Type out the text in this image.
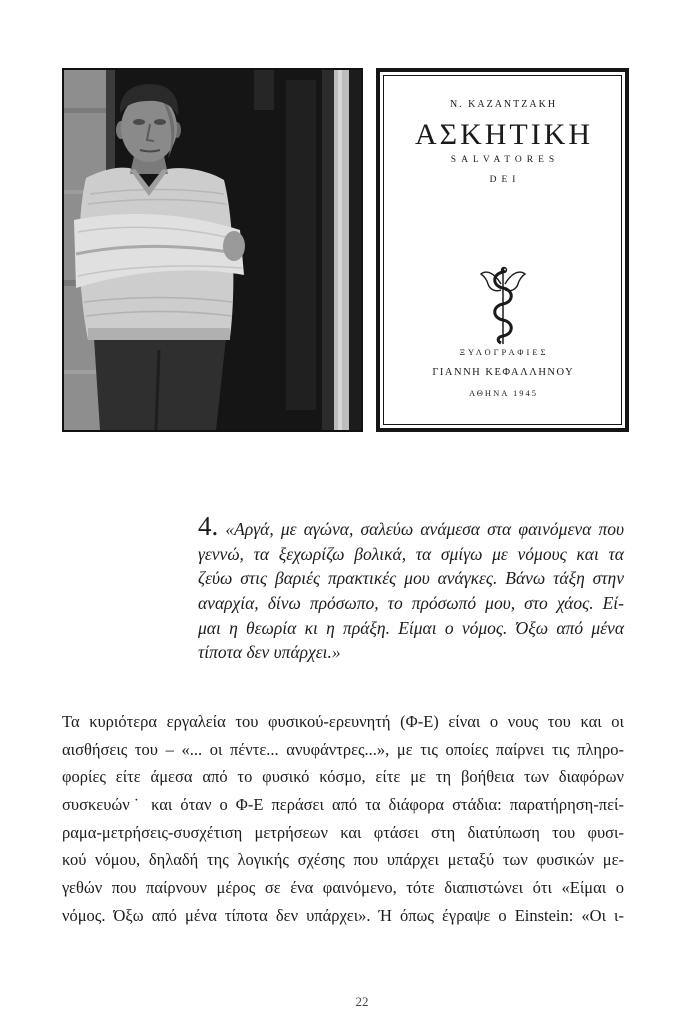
Ν. ΚΑΖΑΝΤΖΑΚΗ
ΑΣΚΗΤΙΚΗ
SALVATORES
DEI
ΞΥΛΟΓΡΑΦΙΕΣ
ΓΙΑΝΝΗ ΚΕΦΑΛΛΗΝΟΥ
ΑΘΗΝΑ 1945
4. «Αργά, με αγώνα, σαλεύω ανάμεσα στα φαινόμενα που
γεννώ, τα ξεχωρίζω βολικά, τα σμίγω με νόμους και τα
ζεύω στις βαριές πρακτικές μου ανάγκες. Βάνω τάξη στην
αναρχία, δίνω πρόσωπο, το πρόσωπό μου, στο χάος. Εί-
μαι η θεωρία κι η πράξη. Είμαι ο νόμος. Όξω από μένα
τίποτα δεν υπάρχει.»
Τα κυριότερα εργαλεία του φυσικού-ερευνητή (Φ-Ε) είναι ο νους του και οι
αισθήσεις του – «... οι πέντε... ανυφάντρες...», με τις οποίες παίρνει τις πληρο-
φορίες είτε άμεσα από το φυσικό κόσμο, είτε με τη βοήθεια των διαφόρων
συσκευών˙ και όταν ο Φ-Ε περάσει από τα διάφορα στάδια: παρατήρηση-πεί-
ραμα-μετρήσεις-συσχέτιση μετρήσεων και φτάσει στη διατύπωση του φυσι-
κού νόμου, δηλαδή της λογικής σχέσης που υπάρχει μεταξύ των φυσικών με-
γεθών που παίρνουν μέρος σε ένα φαινόμενο, τότε διαπιστώνει ότι «Είμαι ο
νόμος. Όξω από μένα τίποτα δεν υπάρχει». Ή όπως έγραψε ο Einstein: «Οι ι-
22
